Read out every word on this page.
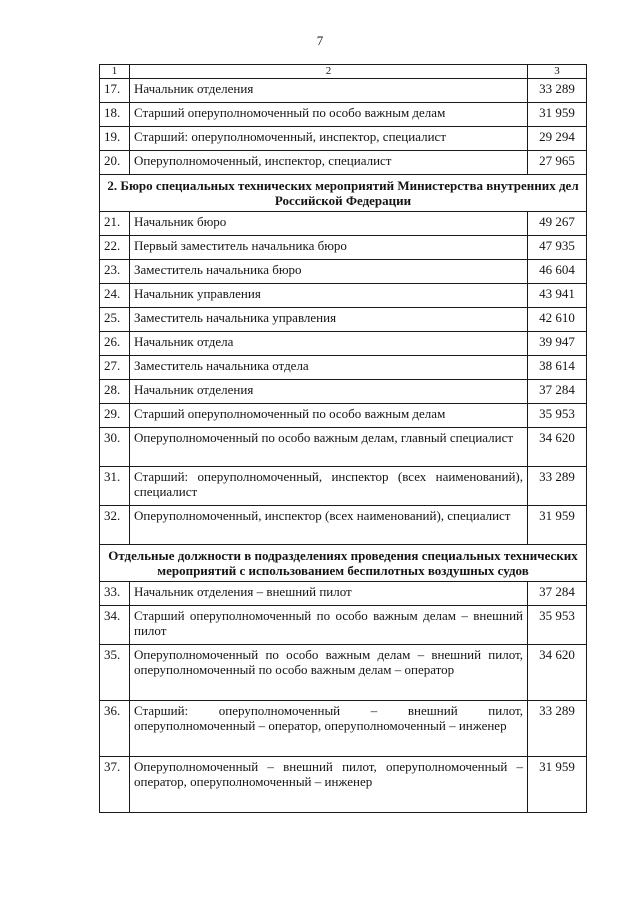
7
1	2	3
17.	Начальник отделения	33 289
18.	Старший оперуполномоченный по особо важным делам	31 959
19.	Старший: оперуполномоченный, инспектор, специалист	29 294
20.	Оперуполномоченный, инспектор, специалист	27 965
2. Бюро специальных технических мероприятий Министерства внутренних дел Российской Федерации		
21.	Начальник бюро	49 267
22.	Первый заместитель начальника бюро	47 935
23.	Заместитель начальника бюро	46 604
24.	Начальник управления	43 941
25.	Заместитель начальника управления	42 610
26.	Начальник отдела	39 947
27.	Заместитель начальника отдела	38 614
28.	Начальник отделения	37 284
29.	Старший оперуполномоченный по особо важным делам	35 953
30.	Оперуполномоченный по особо важным делам, главный специалист	34 620
31.	Старший: оперуполномоченный, инспектор (всех наименований), специалист	33 289
32.	Оперуполномоченный, инспектор (всех наименований), специалист	31 959
Отдельные должности в подразделениях проведения специальных технических мероприятий с использованием беспилотных воздушных судов		
33.	Начальник отделения – внешний пилот	37 284
34.	Старший оперуполномоченный по особо важным делам – внешний пилот	35 953
35.	Оперуполномоченный по особо важным делам – внешний пилот, оперуполномоченный по особо важным делам – оператор	34 620
36.	Старший: оперуполномоченный – внешний пилот, оперуполномоченный – оператор, оперуполномоченный – инженер	33 289
37.	Оперуполномоченный – внешний пилот, оперуполномоченный – оператор, оперуполномоченный – инженер	31 959
